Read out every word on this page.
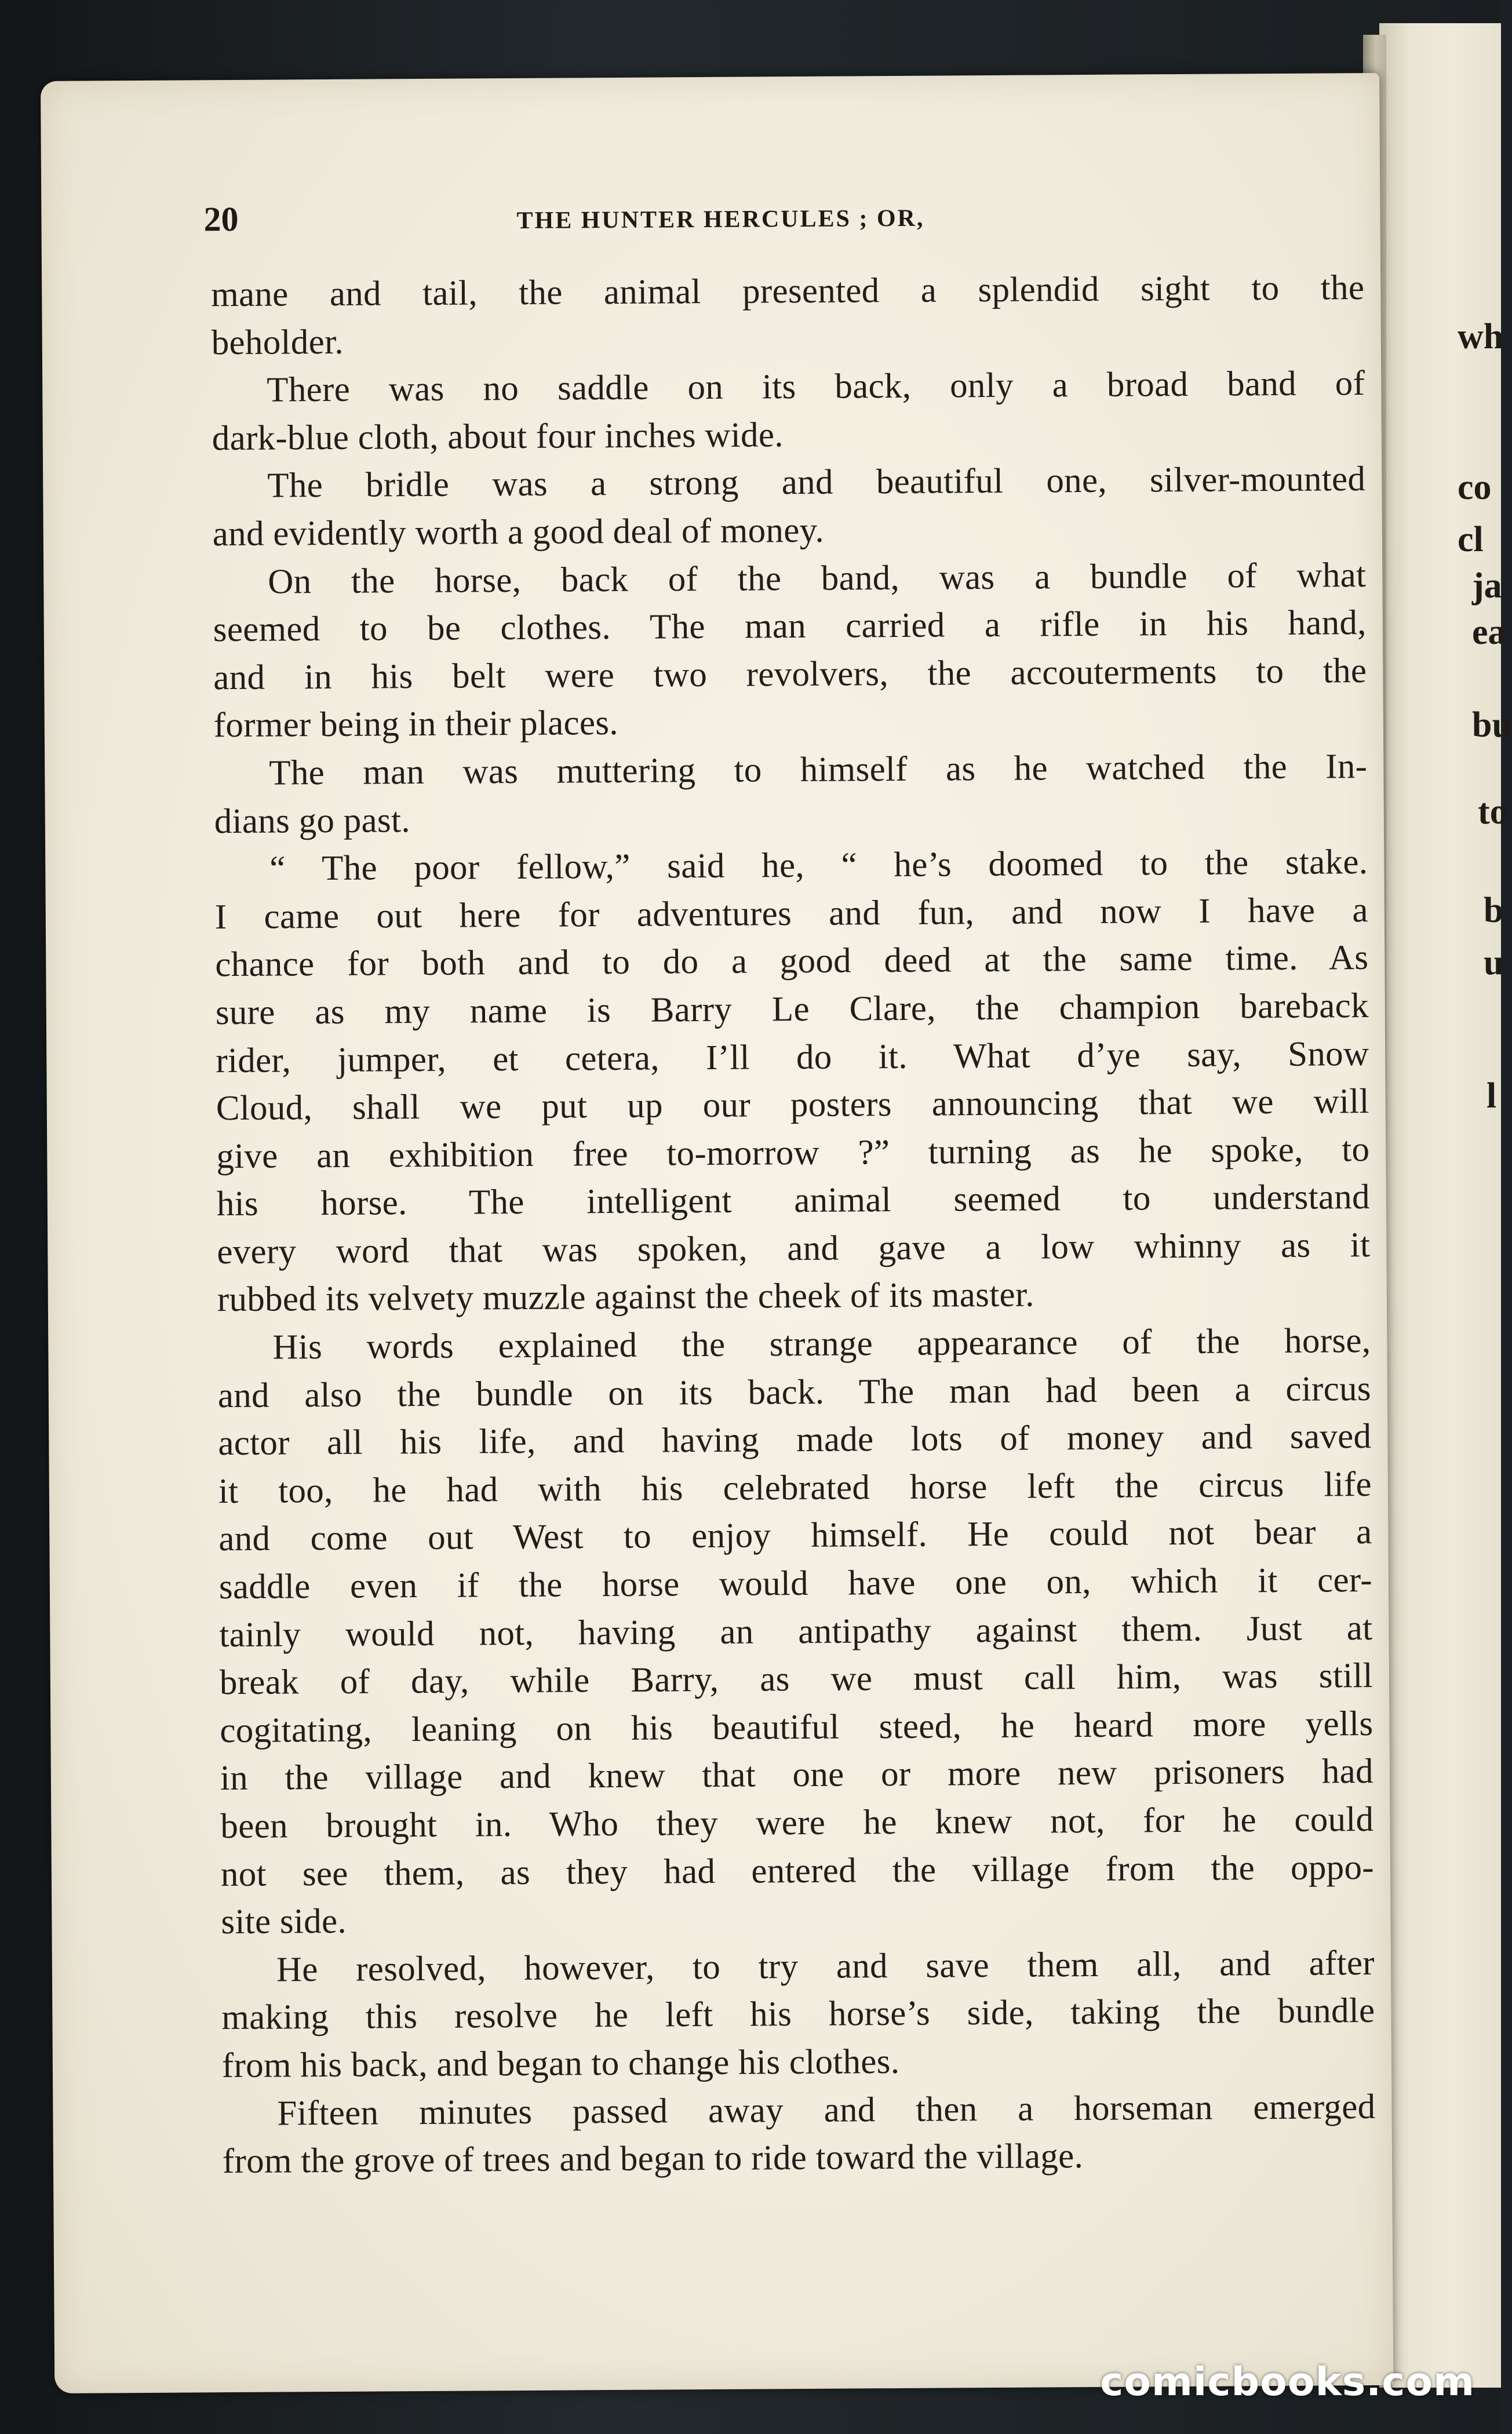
wh
co
cl
ja
ea
bu
to
b
u
l
20	THE HUNTER HERCULES ; OR,
mane and tail, the animal presented a splendid sight to the
beholder.
There was no saddle on its back, only a broad band of
dark-blue cloth, about four inches wide.
The bridle was a strong and beautiful one, silver-mounted
and evidently worth a good deal of money.
On the horse, back of the band, was a bundle of what
seemed to be clothes. The man carried a rifle in his hand,
and in his belt were two revolvers, the accouterments to the
former being in their places.
The man was muttering to himself as he watched the In-
dians go past.
“ The poor fellow,” said he, “ he’s doomed to the stake.
I came out here for adventures and fun, and now I have a
chance for both and to do a good deed at the same time. As
sure as my name is Barry Le Clare, the champion bareback
rider, jumper, et cetera, I’ll do it. What d’ye say, Snow
Cloud, shall we put up our posters announcing that we will
give an exhibition free to-morrow ?” turning as he spoke, to
his horse. The intelligent animal seemed to understand
every word that was spoken, and gave a low whinny as it
rubbed its velvety muzzle against the cheek of its master.
His words explained the strange appearance of the horse,
and also the bundle on its back. The man had been a circus
actor all his life, and having made lots of money and saved
it too, he had with his celebrated horse left the circus life
and come out West to enjoy himself. He could not bear a
saddle even if the horse would have one on, which it cer-
tainly would not, having an antipathy against them. Just at
break of day, while Barry, as we must call him, was still
cogitating, leaning on his beautiful steed, he heard more yells
in the village and knew that one or more new prisoners had
been brought in. Who they were he knew not, for he could
not see them, as they had entered the village from the oppo-
site side.
He resolved, however, to try and save them all, and after
making this resolve he left his horse’s side, taking the bundle
from his back, and began to change his clothes.
Fifteen minutes passed away and then a horseman emerged
from the grove of trees and began to ride toward the village.
comicbooks.com
